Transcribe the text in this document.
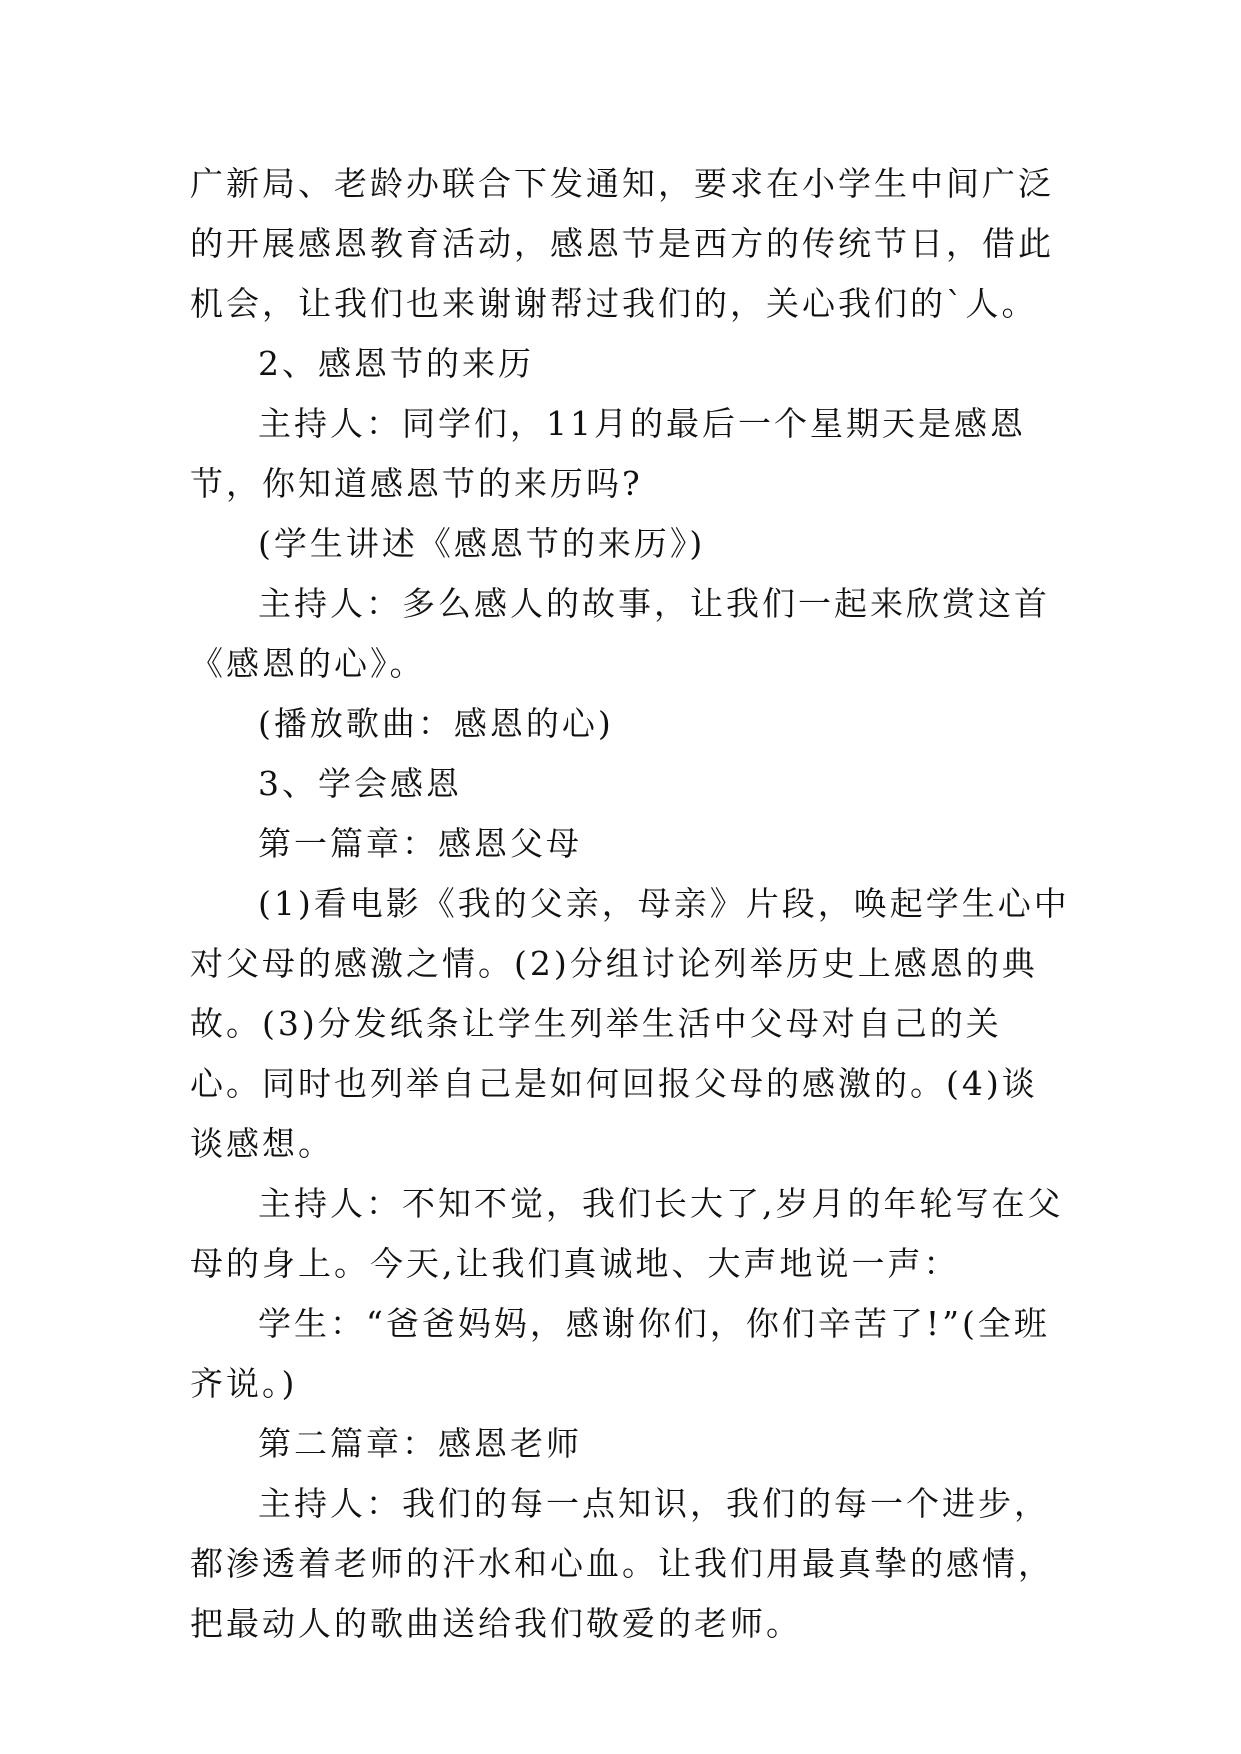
广新局、老龄办联合下发通知，要求在小学生中间广泛的开展感恩教育活动，感恩节是西方的传统节日，借此机会，让我们也来谢谢帮过我们的，关心我们的`人。

2、感恩节的来历

主持人：同学们，11月的最后一个星期天是感恩节，你知道感恩节的来历吗?

(学生讲述《感恩节的来历》)

主持人：多么感人的故事，让我们一起来欣赏这首《感恩的心》。

(播放歌曲：感恩的心)

3、学会感恩

第一篇章：感恩父母

(1)看电影《我的父亲，母亲》片段，唤起学生心中对父母的感激之情。(2)分组讨论列举历史上感恩的典故。(3)分发纸条让学生列举生活中父母对自己的关心。同时也列举自己是如何回报父母的感激的。(4)谈谈感想。

主持人：不知不觉，我们长大了,岁月的年轮写在父母的身上。今天,让我们真诚地、大声地说一声：

学生：“爸爸妈妈，感谢你们，你们辛苦了!”(全班齐说。)

第二篇章：感恩老师

主持人：我们的每一点知识，我们的每一个进步，都渗透着老师的汗水和心血。让我们用最真挚的感情，把最动人的歌曲送给我们敬爱的老师。
